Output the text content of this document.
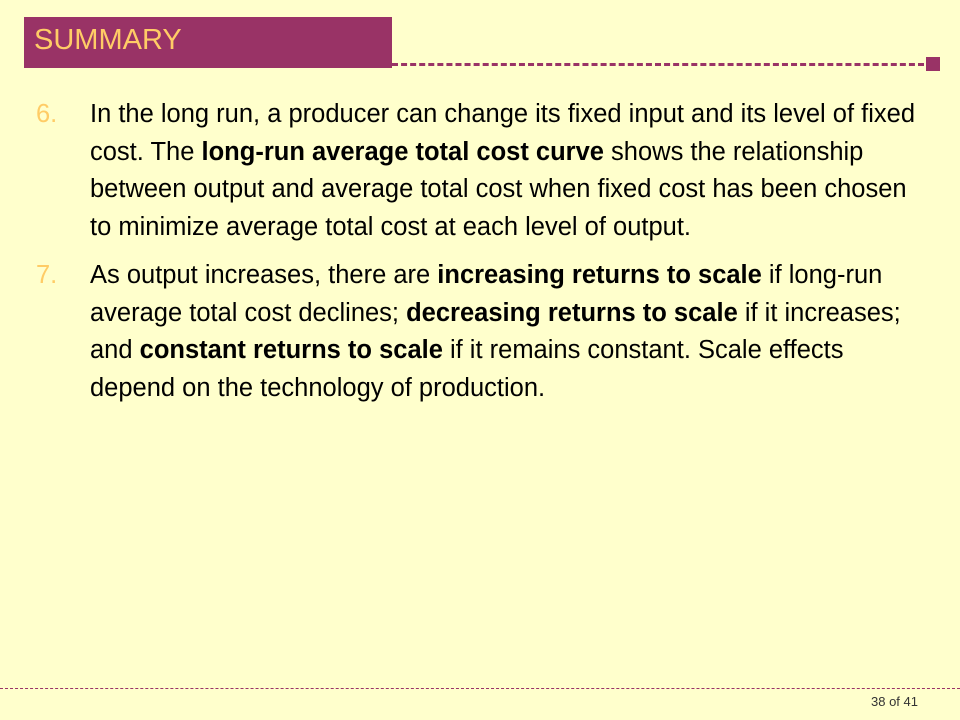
SUMMARY
6. In the long run, a producer can change its fixed input and its level of fixed cost. The long-run average total cost curve shows the relationship between output and average total cost when fixed cost has been chosen to minimize average total cost at each level of output.
7. As output increases, there are increasing returns to scale if long-run average total cost declines; decreasing returns to scale if it increases; and constant returns to scale if it remains constant. Scale effects depend on the technology of production.
38 of 41
